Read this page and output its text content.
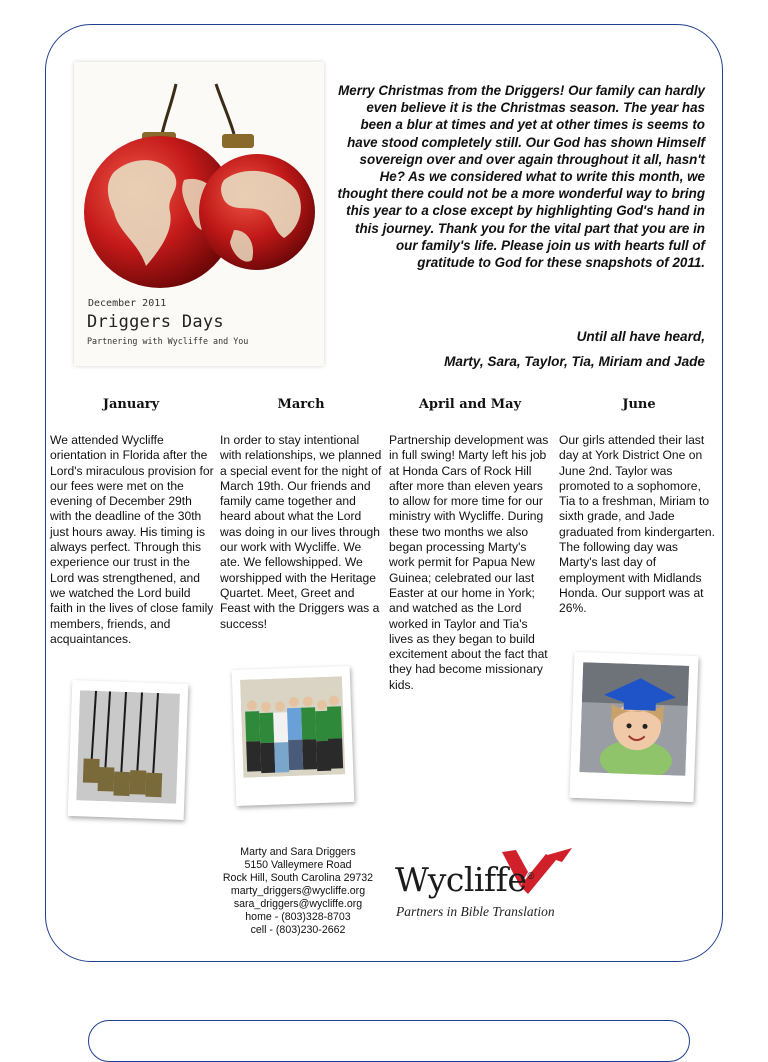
December 2011
Driggers Days
Partnering with Wycliffe and You
Merry Christmas from the Driggers! Our family can hardly even believe it is the Christmas season. The year has been a blur at times and yet at other times is seems to have stood completely still. Our God has shown Himself sovereign over and over again throughout it all, hasn't He? As we considered what to write this month, we thought there could not be a more wonderful way to bring this year to a close except by highlighting God's hand in this journey. Thank you for the vital part that you are in our family's life. Please join us with hearts full of gratitude to God for these snapshots of 2011.
Until all have heard,
Marty, Sara, Taylor, Tia, Miriam and Jade
January	March	April and May	June
We attended Wycliffe orientation in Florida after the Lord's miraculous provision for our fees were met on the evening of December 29th with the deadline of the 30th just hours away. His timing is always perfect. Through this experience our trust in the Lord was strengthened, and we watched the Lord build faith in the lives of close family members, friends, and acquaintances.
In order to stay intentional with relationships, we planned a special event for the night of March 19th. Our friends and family came together and heard about what the Lord was doing in our lives through our work with Wycliffe. We ate. We fellowshipped. We worshipped with the Heritage Quartet. Meet, Greet and Feast with the Driggers was a success!
Partnership development was in full swing! Marty left his job at Honda Cars of Rock Hill after more than eleven years to allow for more time for our ministry with Wycliffe. During these two months we also began processing Marty's work permit for Papua New Guinea; celebrated our last Easter at our home in York; and watched as the Lord worked in Taylor and Tia's lives as they began to build excitement about the fact that they had become missionary kids.
Our girls attended their last day at York District One on June 2nd. Taylor was promoted to a sophomore, Tia to a freshman, Miriam to sixth grade, and Jade graduated from kindergarten. The following day was Marty's last day of employment with Midlands Honda. Our support was at 26%.
Marty and Sara Driggers
5150 Valleymere Road
Rock Hill, South Carolina 29732
marty_driggers@wycliffe.org
sara_driggers@wycliffe.org
home - (803)328-8703
cell - (803)230-2662
Wycliffe®
Partners in Bible Translation
